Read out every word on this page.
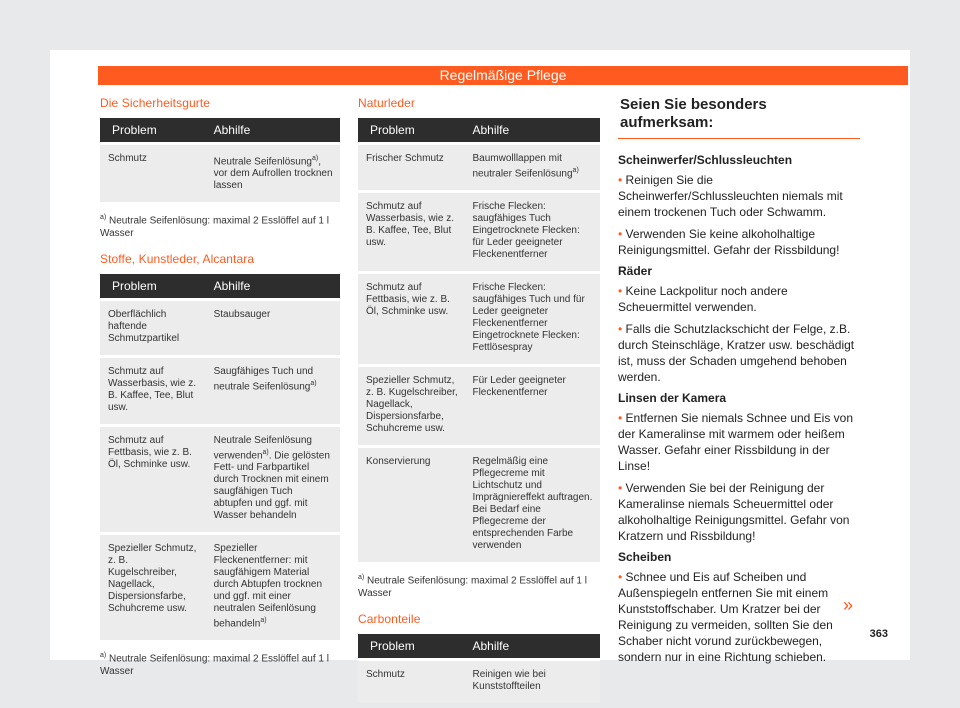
Regelmäßige Pflege
Die Sicherheitsgurte
Problem	Abhilfe
Schmutz	Neutrale Seifenlösung$^{a)}$, vor dem Aufrollen trocknen lassen
$^{a)}$ Neutrale Seifenlösung: maximal 2 Esslöffel auf 1 l Wasser
Stoffe, Kunstleder, Alcantara
Problem	Abhilfe
Oberflächlich haftende Schmutzpartikel	Staubsauger
Schmutz auf Wasserbasis, wie z. B. Kaffee, Tee, Blut usw.	Saugfähiges Tuch und neutrale Seifenlösung$^{a)}$
Schmutz auf Fettbasis, wie z. B. Öl, Schminke usw.	Neutrale Seifenlösung verwenden$^{a)}$. Die gelösten Fett- und Farbpartikel durch Trocknen mit einem saugfähigen Tuch abtupfen und ggf. mit Wasser behandeln
Spezieller Schmutz, z. B. Kugelschreiber, Nagellack, Dispersionsfarbe, Schuhcreme usw.	Spezieller Fleckenentferner: mit saugfähigem Material durch Abtupfen trocknen und ggf. mit einer neutralen Seifenlösung behandeln$^{a)}$
$^{a)}$ Neutrale Seifenlösung: maximal 2 Esslöffel auf 1 l Wasser
Naturleder
Problem	Abhilfe
Frischer Schmutz	Baumwolllappen mit neutraler Seifenlösung$^{a)}$
Schmutz auf Wasserbasis, wie z. B. Kaffee, Tee, Blut usw.	Frische Flecken: saugfähiges Tuch
Eingetrocknete Flecken: für Leder geeigneter Fleckenentferner
Schmutz auf Fettbasis, wie z. B. Öl, Schminke usw.	Frische Flecken: saugfähiges Tuch und für Leder geeigneter Fleckenentferner
Eingetrocknete Flecken: Fettlösespray
Spezieller Schmutz, z. B. Kugelschreiber, Nagellack, Dispersionsfarbe, Schuhcreme usw.	Für Leder geeigneter Fleckenentferner
Konservierung	Regelmäßig eine Pflegecreme mit Lichtschutz und Imprägniereffekt auftragen. Bei Bedarf eine Pflegecreme der entsprechenden Farbe verwenden
$^{a)}$ Neutrale Seifenlösung: maximal 2 Esslöffel auf 1 l Wasser
Carbonteile
Problem	Abhilfe
Schmutz	Reinigen wie bei Kunststoffteilen
Seien Sie besonders aufmerksam:
Scheinwerfer/Schlussleuchten
• Reinigen Sie die Scheinwerfer/Schlussleuchten niemals mit einem trockenen Tuch oder Schwamm.
• Verwenden Sie keine alkoholhaltige Reinigungsmittel. Gefahr der Rissbildung!
Räder
• Keine Lackpolitur noch andere Scheuermittel verwenden.
• Falls die Schutzlackschicht der Felge, z.B. durch Steinschläge, Kratzer usw. beschädigt ist, muss der Schaden umgehend behoben werden.
Linsen der Kamera
• Entfernen Sie niemals Schnee und Eis von der Kameralinse mit warmem oder heißem Wasser. Gefahr einer Rissbildung in der Linse!
• Verwenden Sie bei der Reinigung der Kameralinse niemals Scheuermittel oder alkoholhaltige Reinigungsmittel. Gefahr von Kratzern und Rissbildung!
Scheiben
• Schnee und Eis auf Scheiben und Außenspiegeln entfernen Sie mit einem Kunststoffschaber. Um Kratzer bei der Reinigung zu vermeiden, sollten Sie den Schaber nicht vorund zurückbewegen, sondern nur in eine Richtung schieben.
»
363
